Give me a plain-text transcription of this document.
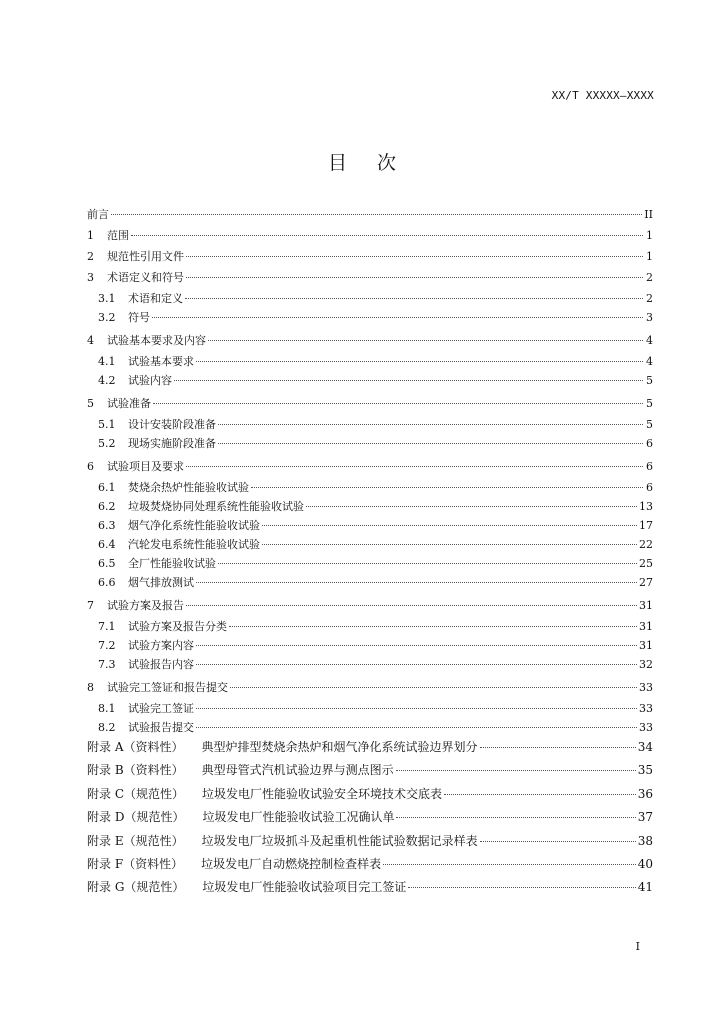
XX/T XXXXX—XXXX
目次
前言	II
1	范围	1
2	规范性引用文件	1
3	术语定义和符号	2
3.1	术语和定义	2
3.2	符号	3
4	试验基本要求及内容	4
4.1	试验基本要求	4
4.2	试验内容	5
5	试验准备	5
5.1	设计安装阶段准备	5
5.2	现场实施阶段准备	6
6	试验项目及要求	6
6.1	焚烧余热炉性能验收试验	6
6.2	垃圾焚烧协同处理系统性能验收试验	13
6.3	烟气净化系统性能验收试验	17
6.4	汽轮发电系统性能验收试验	22
6.5	全厂性能验收试验	25
6.6	烟气排放测试	27
7	试验方案及报告	31
7.1	试验方案及报告分类	31
7.2	试验方案内容	31
7.3	试验报告内容	32
8	试验完工签证和报告提交	33
8.1	试验完工签证	33
8.2	试验报告提交	33
附录 A （资料性） 典型炉排型焚烧余热炉和烟气净化系统试验边界划分	34
附录 B （资料性） 典型母管式汽机试验边界与测点图示	35
附录 C （规范性） 垃圾发电厂性能验收试验安全环境技术交底表	36
附录 D （规范性） 垃圾发电厂性能验收试验工况确认单	37
附录 E （规范性） 垃圾发电厂垃圾抓斗及起重机性能试验数据记录样表	38
附录 F （资料性） 垃圾发电厂自动燃烧控制检查样表	40
附录 G （规范性） 垃圾发电厂性能验收试验项目完工签证	41
I
